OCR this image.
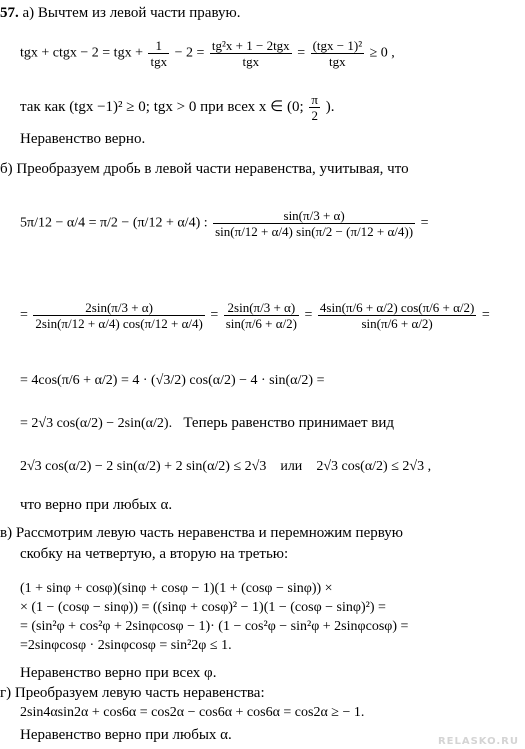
57. а) Вычтем из левой части правую.
tgx + ctgx − 2 = tgx + $\frac{1}{\text{tgx}} - 2 = \frac{\text{tg²x + 1 − 2tgx}}{\text{tgx}} = \frac{\text{(tgx − 1)²}}{\text{tgx}} \ge 0$ ,
так как (tgx −1)² ≥ 0; tgx > 0 при всех x ∈ (0; $\frac{\pi}{2}$ ).
Неравенство верно.
б) Преобразуем дробь в левой части неравенства, учитывая, что
5π/12 − α/4 = π/2 − (π/12 + α/4) : $\frac{\sin(\pi/3 + \alpha)}{\sin(\pi/12 + \alpha/4) \sin(\pi/2 - (\pi/12 + \alpha/4))}$ =
= $\frac{2\sin(\pi/3 + \alpha)}{2\sin(\pi/12 + \alpha/4) \cos(\pi/12 + \alpha/4)} = \frac{2\sin(\pi/3 + \alpha)}{\sin(\pi/6 + \alpha/2)} = \frac{4\sin(\pi/6 + \alpha/2) \cos(\pi/6 + \alpha/2)}{\sin(\pi/6 + \alpha/2)}$ =
= 4cos(π/6 + α/2) = 4 · (√3/2) cos(α/2) − 4 · sin(α/2) =
= 2√3 cos(α/2) − 2sin(α/2). Теперь равенство принимает вид
2√3 cos(α/2) − 2 sin(α/2) + 2 sin(α/2) ≤ 2√3 или 2√3 cos(α/2) ≤ 2√3 ,
что верно при любых α.
в) Рассмотрим левую часть неравенства и перемножим первую
скобку на четвертую, а вторую на третью:
(1 + sinφ + cosφ)(sinφ + cosφ − 1)(1 + (cosφ − sinφ)) ×
× (1 − (cosφ − sinφ)) = ((sinφ + cosφ)² − 1)(1 − (cosφ − sinφ)²) =
= (sin²φ + cos²φ + 2sinφcosφ − 1)· (1 − cos²φ − sin²φ + 2sinφcosφ) =
=2sinφcosφ · 2sinφcosφ = sin²2φ ≤ 1.
Неравенство верно при всех φ.
г) Преобразуем левую часть неравенства:
2sin4αsin2α + cos6α = cos2α − cos6α + cos6α = cos2α ≥ − 1.
Неравенство верно при любых α.	RELASKO.RU
